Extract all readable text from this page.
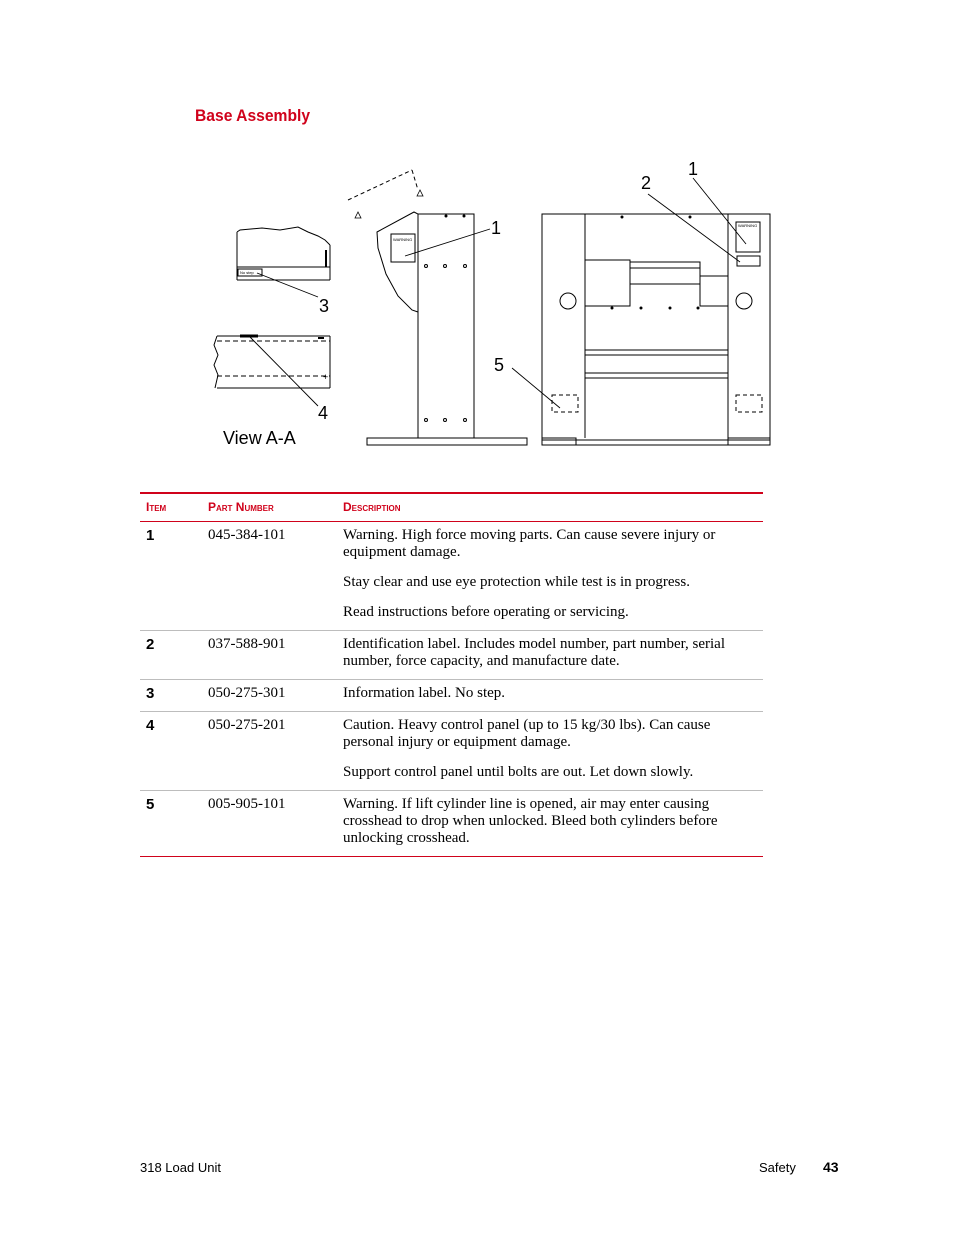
Base Assembly
No step
+
WARNING
WARNING
1
2
1
3
5
4
View A-A
Item	Part Number	Description
1	045-384-101	Warning. High force moving parts. Can cause severe injury or equipment damage.

Stay clear and use eye protection while test is in progress.

Read instructions before operating or servicing.

2	037-588-901	Identification label. Includes model number, part number, serial number, force capacity, and manufacture date.

3	050-275-301	Information label. No step.

4	050-275-201	Caution. Heavy control panel (up to 15 kg/30 lbs). Can cause personal injury or equipment damage.

Support control panel until bolts are out. Let down slowly.

5	005-905-101	Warning. If lift cylinder line is opened, air may enter causing crosshead to drop when unlocked. Bleed both cylinders before unlocking crosshead.

318 Load Unit	Safety 43
